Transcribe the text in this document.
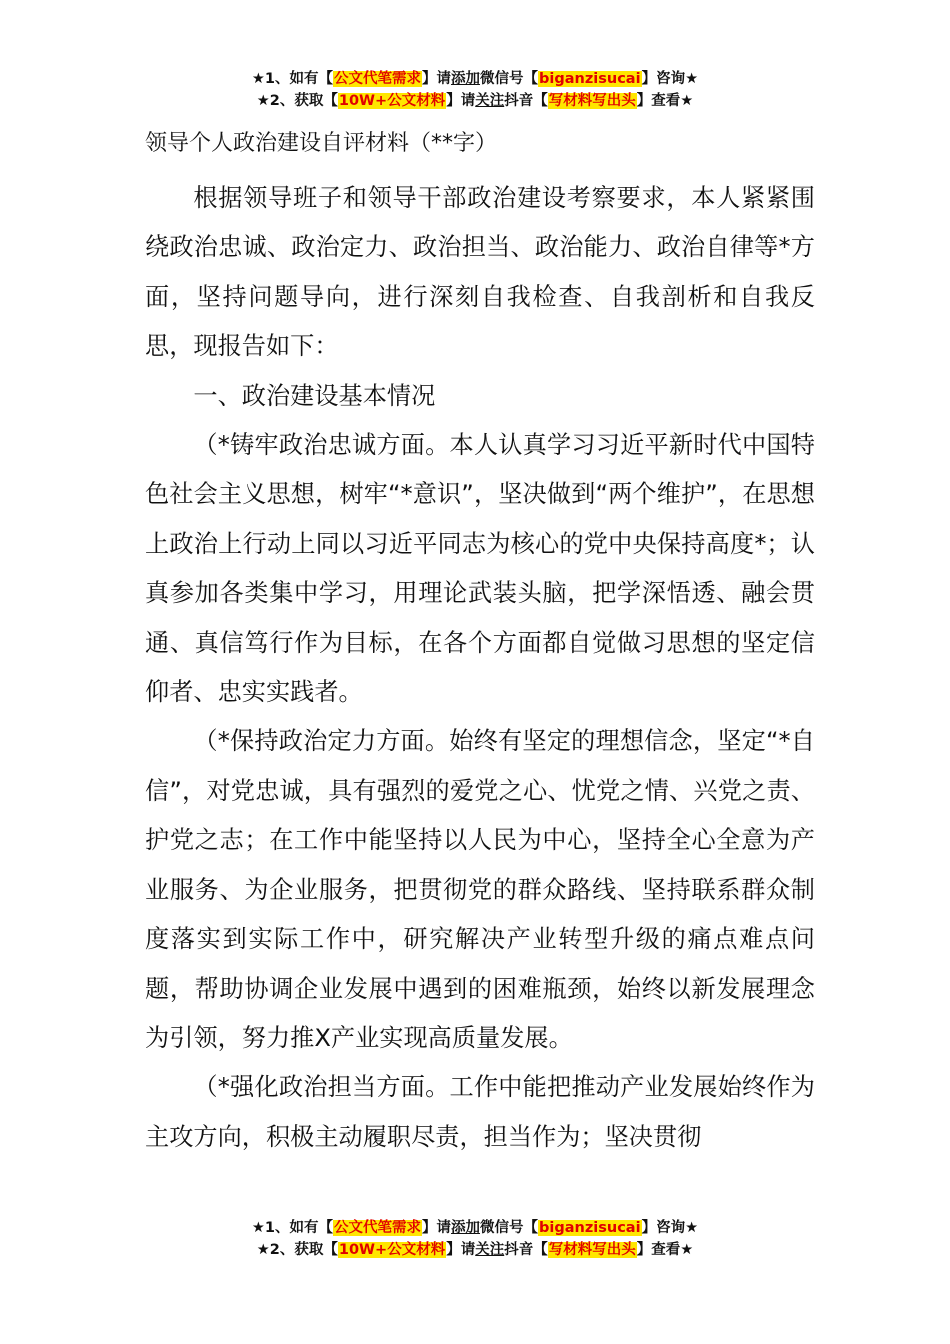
★1、如有【公文代笔需求】请添加微信号【biganzisucai】咨询★
★2、获取【10W+公文材料】请关注抖音【写材料写出头】查看★

领导个人政治建设自评材料（**字）

根据领导班子和领导干部政治建设考察要求，本人紧紧围绕政治忠诚、政治定力、政治担当、政治能力、政治自律等*方面，坚持问题导向，进行深刻自我检查、自我剖析和自我反思，现报告如下：

一、政治建设基本情况

（*铸牢政治忠诚方面。本人认真学习习近平新时代中国特色社会主义思想，树牢“*意识”，坚决做到“两个维护”，在思想上政治上行动上同以习近平同志为核心的党中央保持高度*；认真参加各类集中学习，用理论武装头脑，把学深悟透、融会贯通、真信笃行作为目标，在各个方面都自觉做习思想的坚定信仰者、忠实实践者。

（*保持政治定力方面。始终有坚定的理想信念，坚定“*自信”，对党忠诚，具有强烈的爱党之心、忧党之情、兴党之责、护党之志；在工作中能坚持以人民为中心，坚持全心全意为产业服务、为企业服务，把贯彻党的群众路线、坚持联系群众制度落实到实际工作中，研究解决产业转型升级的痛点难点问题，帮助协调企业发展中遇到的困难瓶颈，始终以新发展理念为引领，努力推X产业实现高质量发展。

（*强化政治担当方面。工作中能把推动产业发展始终作为主攻方向，积极主动履职尽责，担当作为；坚决贯彻

★1、如有【公文代笔需求】请添加微信号【biganzisucai】咨询★
★2、获取【10W+公文材料】请关注抖音【写材料写出头】查看★
